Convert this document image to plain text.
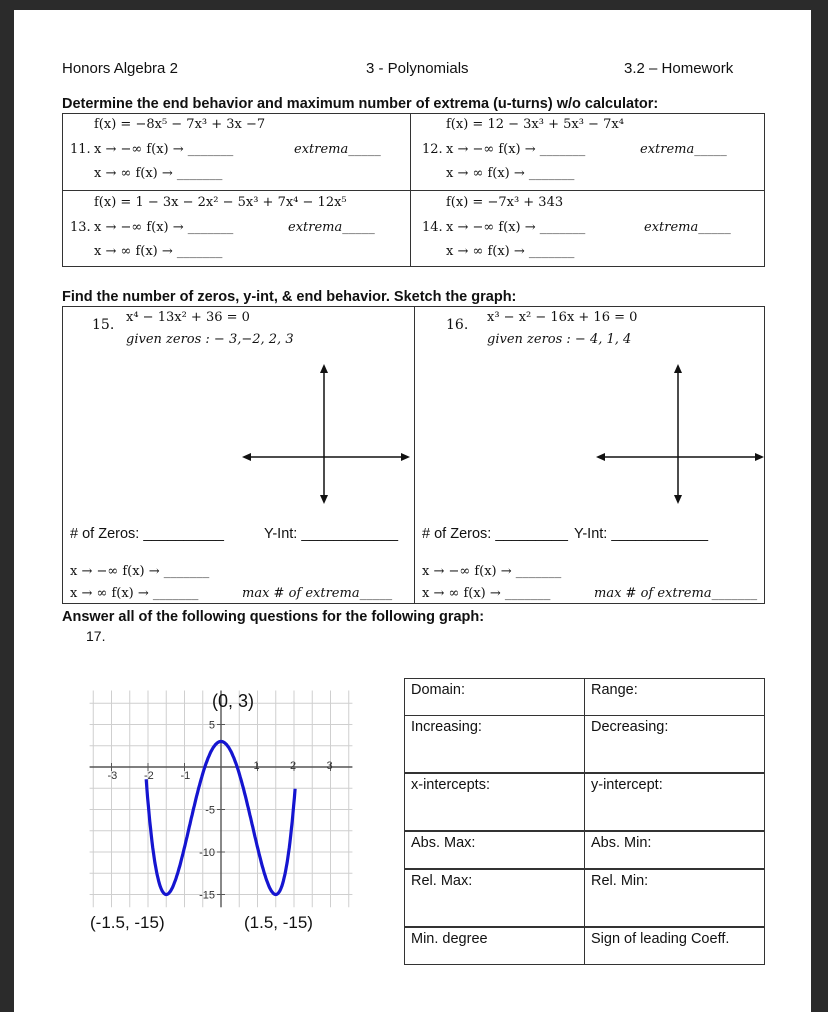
Honors Algebra 2	3 - Polynomials	3.2 – Homework
Determine the end behavior and maximum number of extrema (u-turns) w/o calculator:
f(x) = −8x⁵ − 7x³ + 3x −7
11. x → −∞ f(x) → _______	extrema_____
x → ∞ f(x) → _______
f(x) = 12 − 3x³ + 5x³ − 7x⁴
12. x → −∞ f(x) → _______	extrema_____
x → ∞ f(x) → _______
f(x) = 1 − 3x − 2x² − 5x³ + 7x⁴ − 12x⁵
13. x → −∞ f(x) → _______	extrema_____
x → ∞ f(x) → _______
f(x) = −7x³ + 343
14. x → −∞ f(x) → _______	extrema_____
x → ∞ f(x) → _______
Find the number of zeros, y-int, & end behavior. Sketch the graph:
15. x⁴ − 13x² + 36 = 0
given zeros : − 3,−2, 2, 3
# of Zeros: __________	Y-Int: ____________
x → −∞ f(x) → _______
x → ∞ f(x) → _______	max # of extrema_____
16. x³ − x² − 16x + 16 = 0
given zeros : − 4, 1, 4
# of Zeros: _________ Y-Int: ____________
x → −∞ f(x) → _______
x → ∞ f(x) → _______	max # of extrema_______
Answer all of the following questions for the following graph:
17.
-3 -2 -1
1	2	3
5
-5
-10
-15
(0, 3)
(-1.5, -15)	(1.5, -15)
Domain:	Range:
Increasing:	Decreasing:
x-intercepts:	y-intercept:
Abs. Max:	Abs. Min:
Rel. Max:	Rel. Min:
Min. degree	Sign of leading Coeff.
